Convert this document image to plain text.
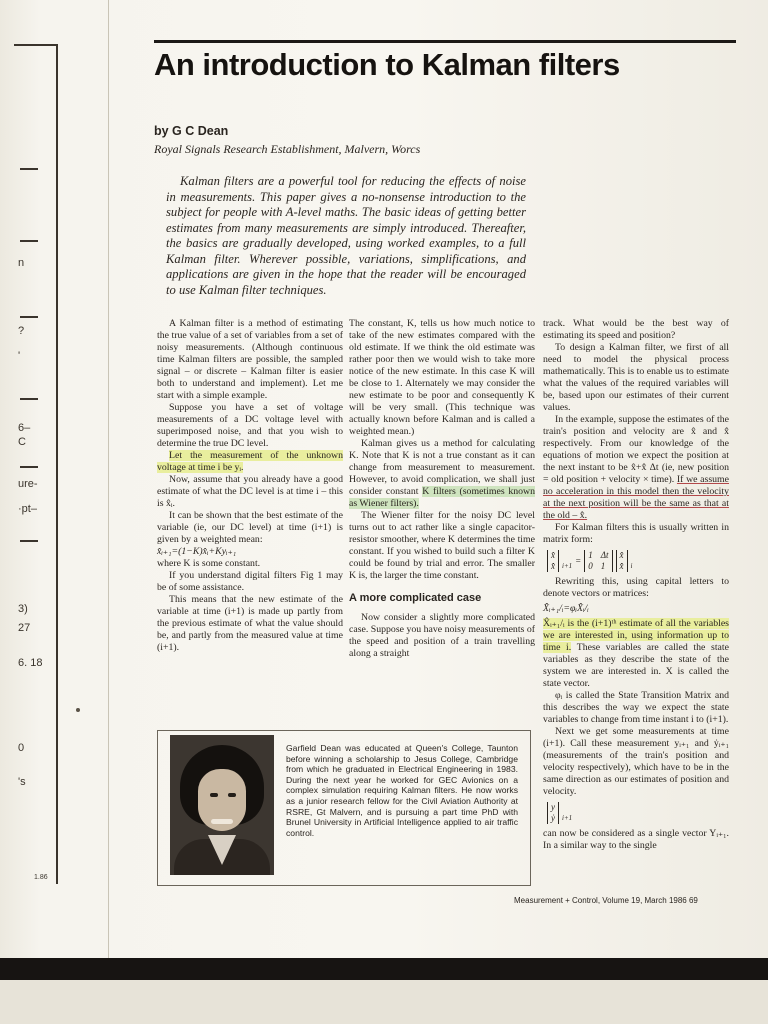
n
?
'
6–
C
ure-
·pt–
3)
27
6. 18
0
's
1.86
An introduction to Kalman filters
by G C Dean
Royal Signals Research Establishment, Malvern, Worcs

Kalman filters are a powerful tool for reducing the effects of noise in measurements. This paper gives a no-nonsense introduction to the subject for people with A-level maths. The basic ideas of getting better estimates from many measurements are simply introduced. Thereafter, the basics are gradually developed, using worked examples, to a full Kalman filter. Wherever possible, variations, simplifications, and applications are given in the hope that the reader will be encouraged to use Kalman filter techniques.

A Kalman filter is a method of estimating the true value of a set of variables from a set of noisy measurements. (Although continuous time Kalman filters are possible, the sampled signal – or discrete – Kalman filter is easier both to understand and implement). Let me start with a simple example.

Suppose you have a set of voltage measurements of a DC voltage level with superimposed noise, and that you wish to determine the true DC level.

Let the measurement of the unknown voltage at time i be yᵢ.

Now, assume that you already have a good estimate of what the DC level is at time i – this is x̂ᵢ.

It can be shown that the best estimate of the variable (ie, our DC level) at time (i+1) is given by a weighted mean:

x̂ᵢ₊₁=(1−K)x̂ᵢ+Kyᵢ₊₁

where K is some constant.

If you understand digital filters Fig 1 may be of some assistance.

This means that the new estimate of the variable at time (i+1) is made up partly from the previous estimate of what the value should be, and partly from the measured value at time (i+1).

The constant, K, tells us how much notice to take of the new estimates compared with the old estimate. If we think the old estimate was rather poor then we would wish to take more notice of the new estimate. In this case K will be close to 1. Alternately we may consider the new estimate to be poor and consequently K will be very small. (This technique was actually known before Kalman and is called a weighted mean.)

Kalman gives us a method for calculating K. Note that K is not a true constant as it can change from measurement to measurement. However, to avoid complication, we shall just consider constant K filters (sometimes known as Wiener filters).

The Wiener filter for the noisy DC level turns out to act rather like a single capacitor-resistor smoother, where K determines the time constant. If you wished to build such a filter K could be found by trial and error. The smaller K is, the larger the time constant.

A more complicated case

Now consider a slightly more complicated case. Suppose you have noisy measurements of the speed and position of a train travelling along a straight

track. What would be the best way of estimating its speed and position?

To design a Kalman filter, we first of all need to model the physical process mathematically. This is to enable us to estimate what the values of the required variables will be, based upon our estimates of their current values.

In the example, suppose the estimates of the train's position and velocity are x̂ and x̂̇ respectively. From our knowledge of the equations of motion we expect the position at the next instant to be x̂+x̂̇ Δt (ie, new position = old position + velocity × time). If we assume no acceleration in this model then the velocity at the next position will be the same as that at the old – x̂̇.

For Kalman filters this is usually written in matrix form:

x̂
x̂̇ i+1 =
1 Δt
0 1
x̂
x̂̇ i

Rewriting this, using capital letters to denote vectors or matrices:

X̂ᵢ₊₁/ᵢ=φᵢX̂ᵢ/ᵢ

X̂ᵢ₊₁/ᵢ is the (i+1)ᵗʰ estimate of all the variables we are interested in, using information up to time i. These variables are called the state variables as they describe the state of the system we are interested in. X is called the state vector.

φᵢ is called the State Transition Matrix and this describes the way we expect the state variables to change from time instant i to (i+1).

Next we get some measurements at time (i+1). Call these measurement yᵢ₊₁ and ẏᵢ₊₁ (measurements of the train's position and velocity respectively), which have to be in the same direction as our estimates of position and velocity.

y
ẏ i+1

can now be considered as a single vector Yᵢ₊₁. In a similar way to the single

Garfield Dean was educated at Queen's College, Taunton before winning a scholarship to Jesus College, Cambridge from which he graduated in Electrical Engineering in 1983. During the next year he worked for GEC Avionics on a complex simulation requiring Kalman filters. He now works as a junior research fellow for the Civil Aviation Authority at RSRE, Gt Malvern, and is pursuing a part time PhD with Brunel University in Artificial Intelligence applied to air traffic control.

Measurement + Control, Volume 19, March 1986 69
